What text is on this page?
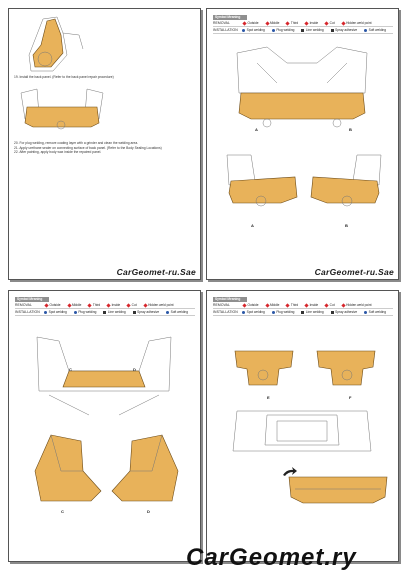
19. Install the back panel. (Refer to the back panel repair procedure)
20. For plug welding, remove coating layer with a grinder and clean the welding area.
21. Apply urethane sealer on connecting surface of back panel. (Refer to the Body Sealing Locations)
22. After painting, apply body wax inside the repaired panel.
CarGeomet-ru.Sae
Symbol Meaning
REMOVAL	Outside	Middle	Third	Inside	Cut	Hidden weld point
INSTALLATION	Spot welding	Plug welding	Line welding	Spray adhesive	Soft welding
A	B
A	B
CarGeomet-ru.Sae
Symbol Meaning
REMOVAL	Outside	Middle	Third	Inside	Cut	Hidden weld point
INSTALLATION	Spot welding	Plug welding	Line welding	Spray adhesive	Soft welding
C	D
C	D
Symbol Meaning
REMOVAL	Outside	Middle	Third	Inside	Cut	Hidden weld point
INSTALLATION	Spot welding	Plug welding	Line welding	Spray adhesive	Soft welding
E	F
CarGeomet.ry
